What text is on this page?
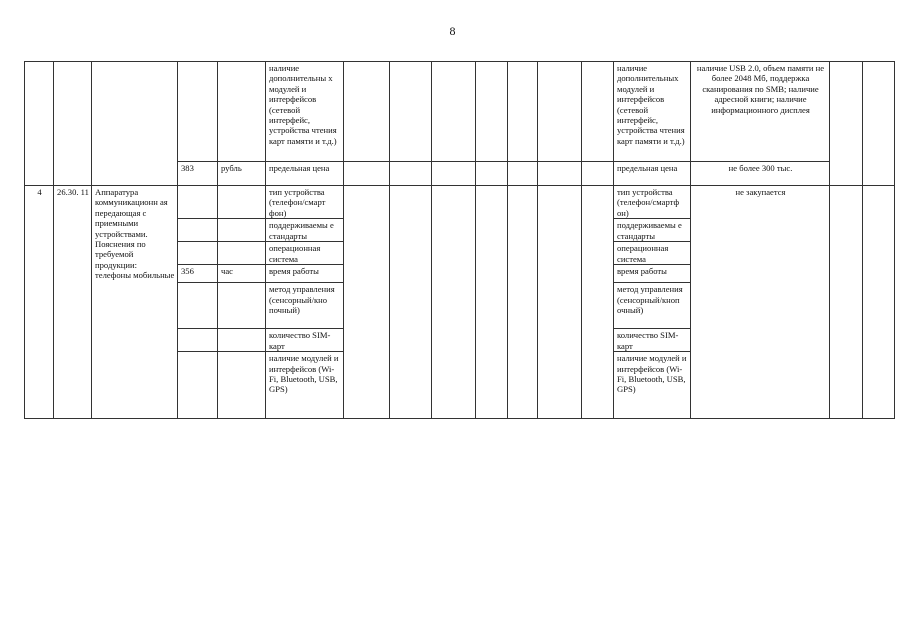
8
					наличие дополнительны х модулей и интерфейсов (сетевой интерфейс, устройства чтения карт памяти и т.д.)								наличие дополнительных модулей и интерфейсов (сетевой интерфейс, устройства чтения карт памяти и т.д.)	наличие USB 2.0, объем памяти не более 2048 Мб, поддержка сканирования по SMB; наличие адресной книги; наличие информационного дисплея		
			383	рубль	предельная цена								предельная цена	не более 300 тыс.		
4	26.30. 11	Аппаратура коммуникационн ая передающая с приемными устройствами. Пояснения по требуемой продукции: телефоны мобильные			тип устройства (телефон/смарт фон)								тип устройства (телефон/смартф он)	не закупается		
					поддерживаемы е стандарты								поддерживаемы е стандарты			
					операционная система								операционная система			
			356	час	время работы								время работы			
					метод управления (сенсорный/кно почный)								метод управления (сенсорный/кноп очный)			
					количество SIM-карт								количество SIM-карт			
					наличие модулей и интерфейсов (Wi-Fi, Bluetooth, USB, GPS)								наличие модулей и интерфейсов (Wi-Fi, Bluetooth, USB, GPS)			
